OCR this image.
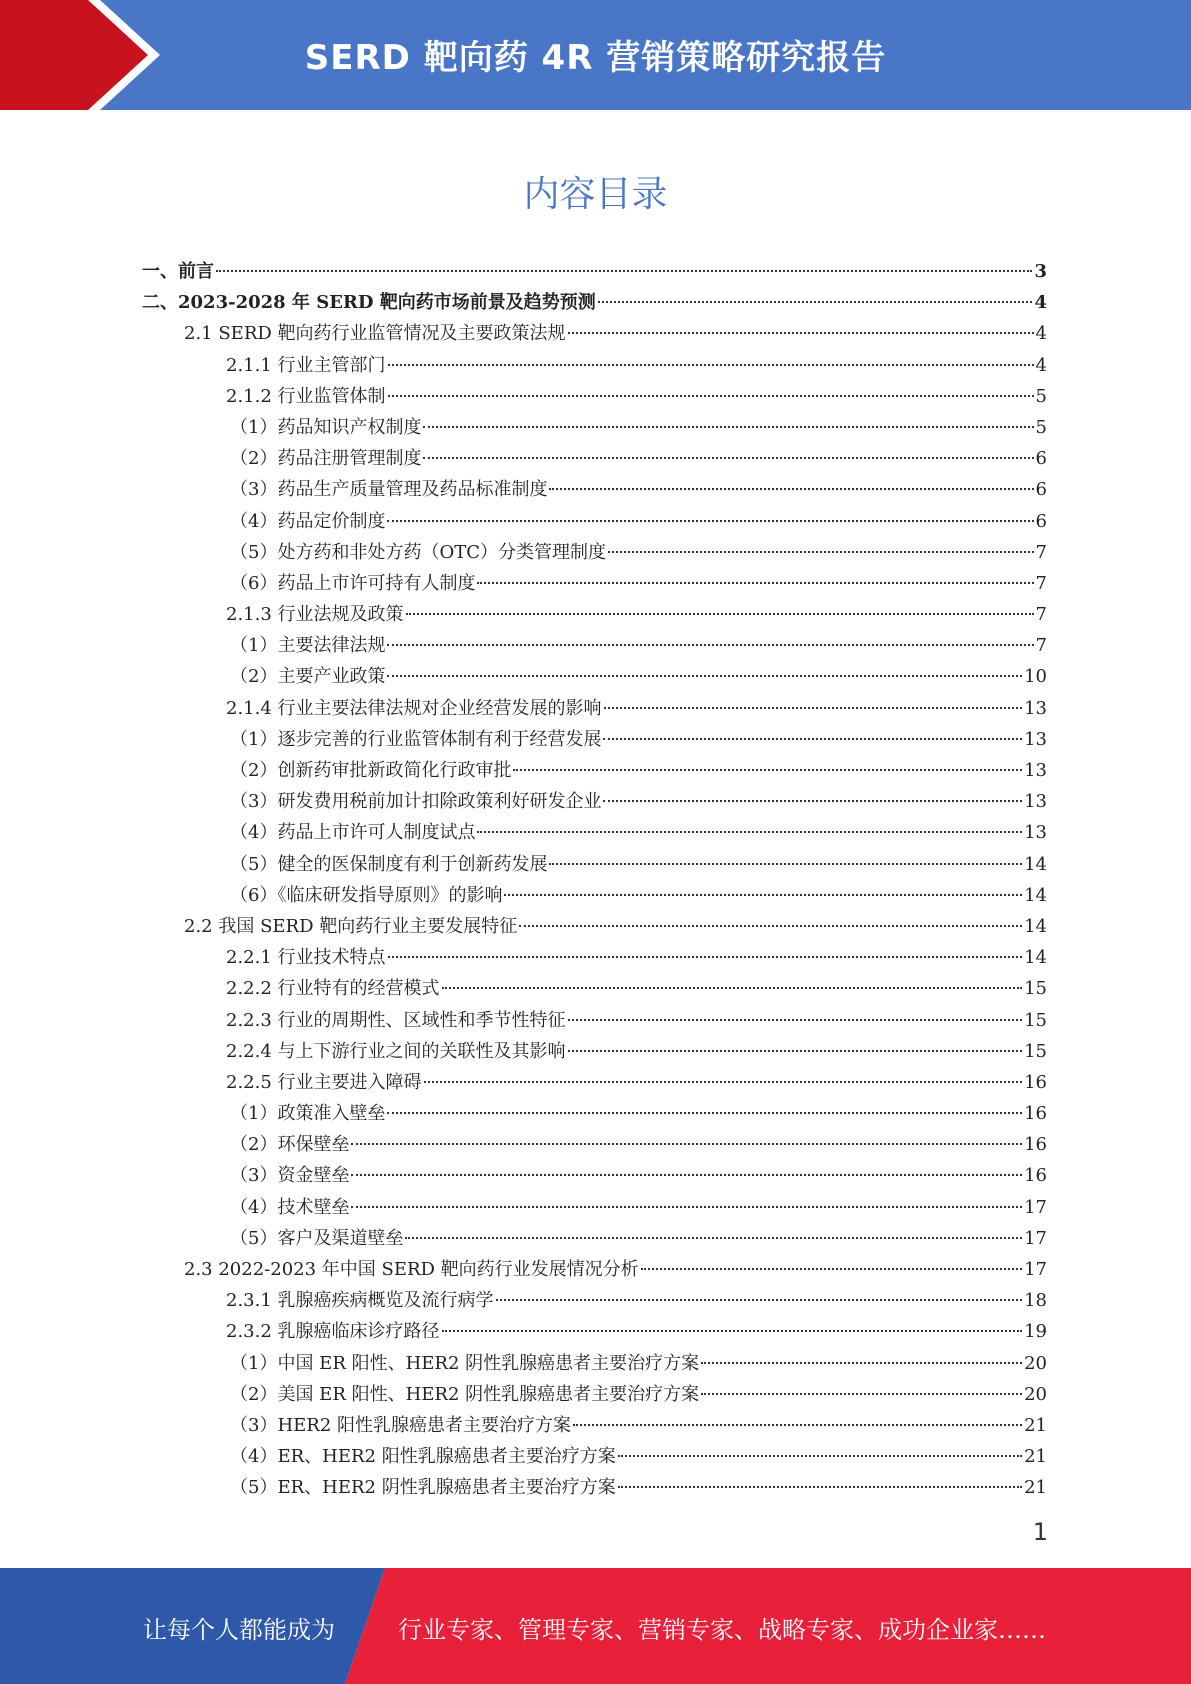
SERD 靶向药 4R 营销策略研究报告
内容目录
一、前言	3
二、2023-2028 年 SERD 靶向药市场前景及趋势预测	4
2.1 SERD 靶向药行业监管情况及主要政策法规	4
2.1.1 行业主管部门	4
2.1.2 行业监管体制	5
（1）药品知识产权制度	5
（2）药品注册管理制度	6
（3）药品生产质量管理及药品标准制度	6
（4）药品定价制度	6
（5）处方药和非处方药（OTC）分类管理制度	7
（6）药品上市许可持有人制度	7
2.1.3 行业法规及政策	7
（1）主要法律法规	7
（2）主要产业政策	10
2.1.4 行业主要法律法规对企业经营发展的影响	13
（1）逐步完善的行业监管体制有利于经营发展	13
（2）创新药审批新政简化行政审批	13
（3）研发费用税前加计扣除政策利好研发企业	13
（4）药品上市许可人制度试点	13
（5）健全的医保制度有利于创新药发展	14
（6）《临床研发指导原则》的影响	14
2.2 我国 SERD 靶向药行业主要发展特征	14
2.2.1 行业技术特点	14
2.2.2 行业特有的经营模式	15
2.2.3 行业的周期性、区域性和季节性特征	15
2.2.4 与上下游行业之间的关联性及其影响	15
2.2.5 行业主要进入障碍	16
（1）政策准入壁垒	16
（2）环保壁垒	16
（3）资金壁垒	16
（4）技术壁垒	17
（5）客户及渠道壁垒	17
2.3 2022-2023 年中国 SERD 靶向药行业发展情况分析	17
2.3.1 乳腺癌疾病概览及流行病学	18
2.3.2 乳腺癌临床诊疗路径	19
（1）中国 ER 阳性、HER2 阴性乳腺癌患者主要治疗方案	20
（2）美国 ER 阳性、HER2 阴性乳腺癌患者主要治疗方案	20
（3）HER2 阳性乳腺癌患者主要治疗方案	21
（4）ER、HER2 阳性乳腺癌患者主要治疗方案	21
（5）ER、HER2 阴性乳腺癌患者主要治疗方案	21
1
让每个人都能成为	行业专家、管理专家、营销专家、战略专家、成功企业家……
